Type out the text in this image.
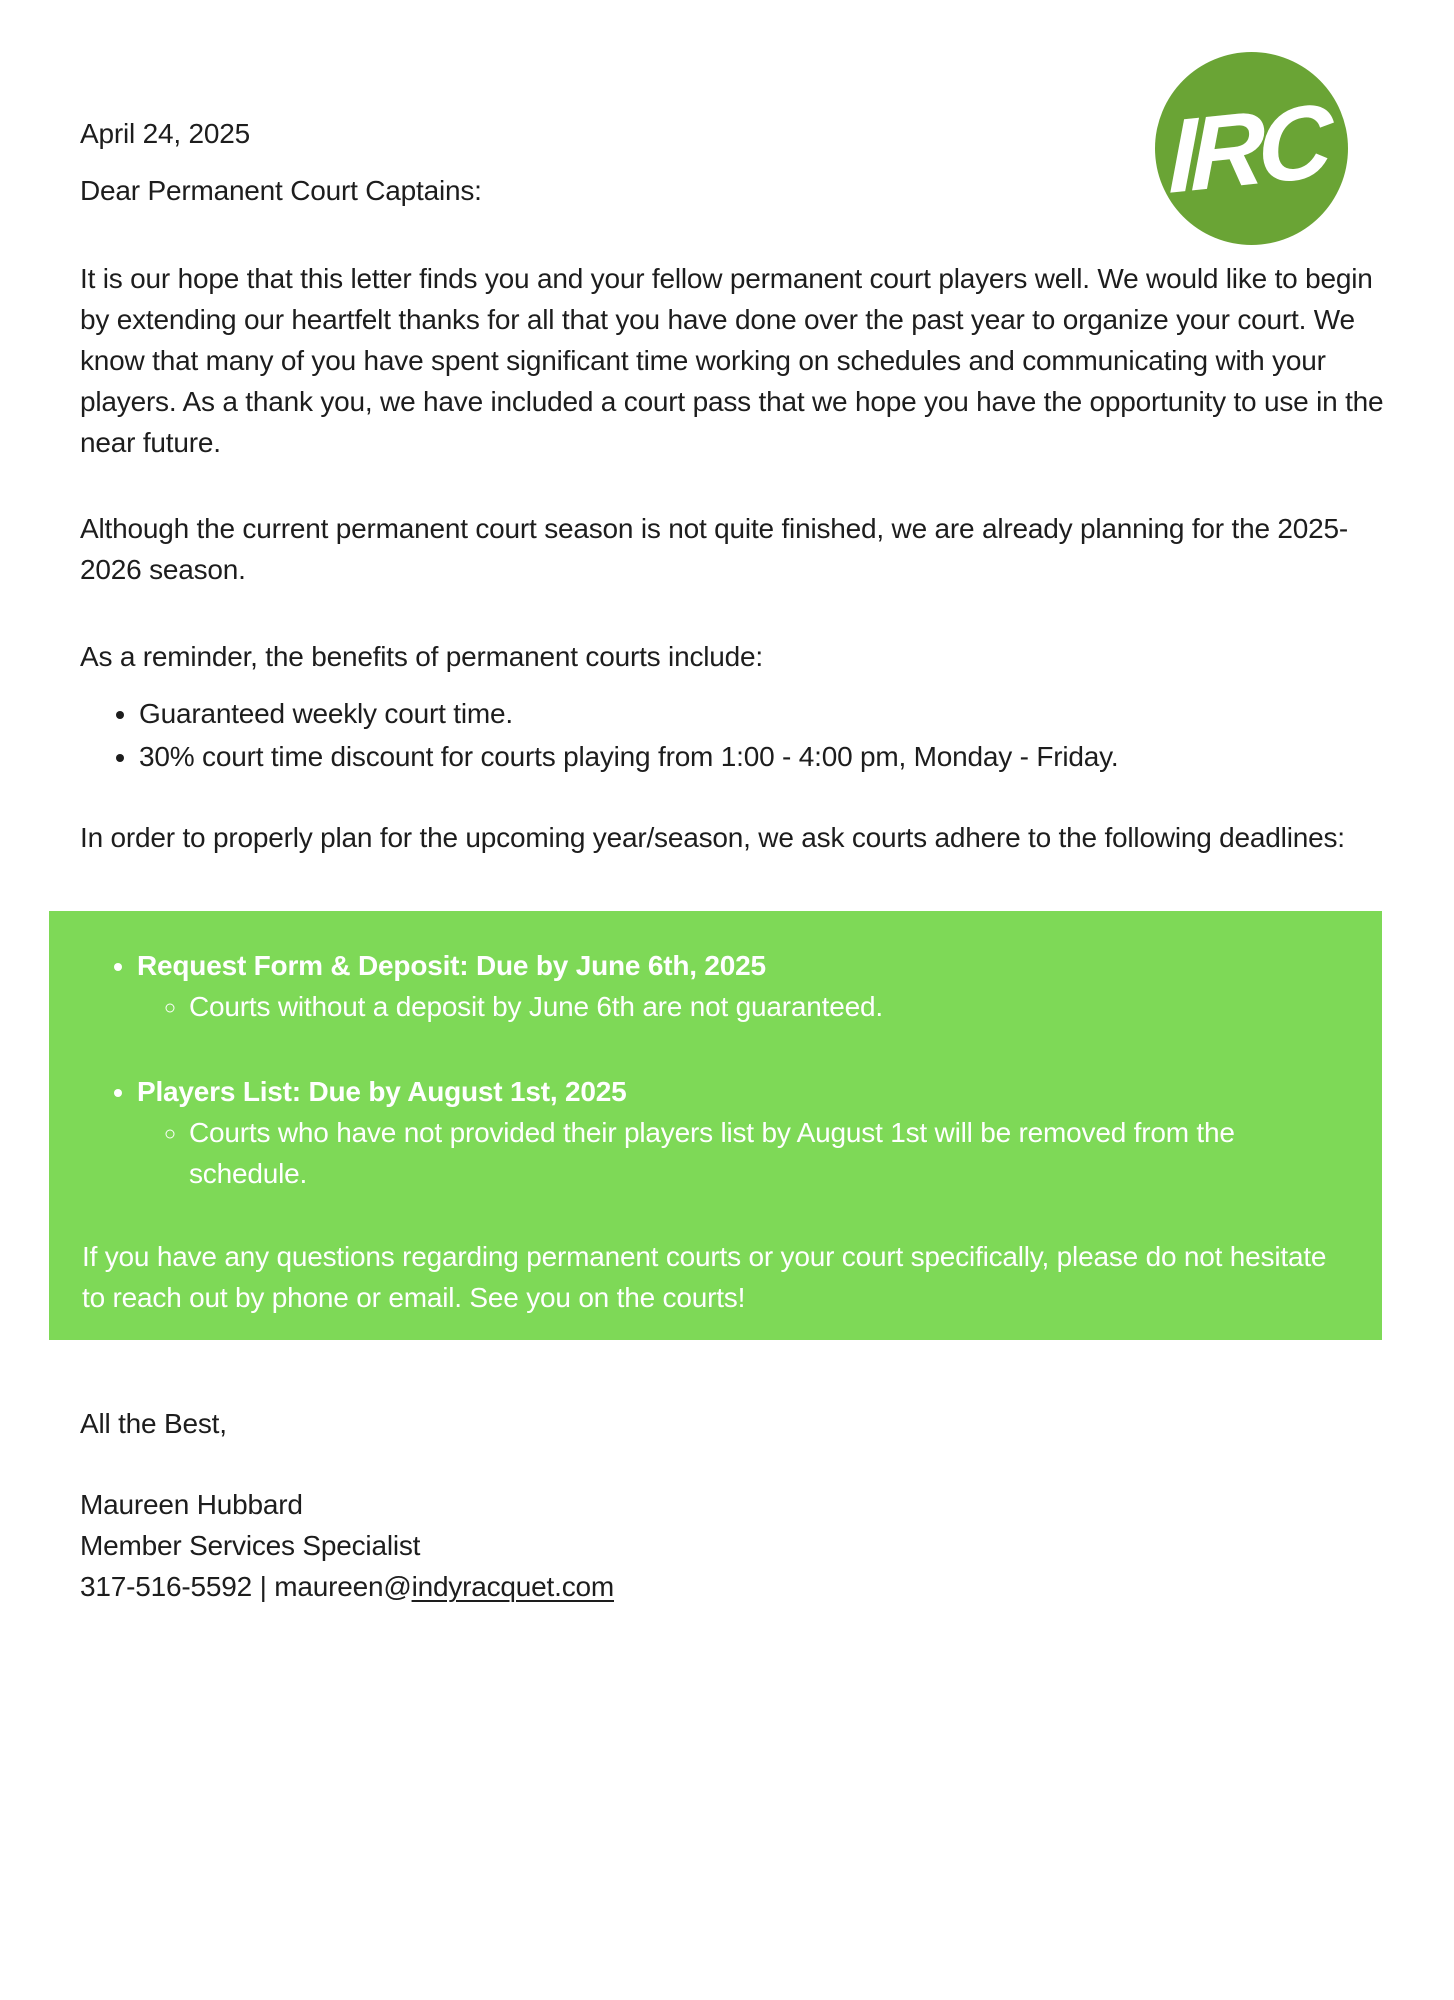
IRC

April 24, 2025

Dear Permanent Court Captains:

It is our hope that this letter finds you and your fellow permanent court players well. We would like to begin by extending our heartfelt thanks for all that you have done over the past year to organize your court. We know that many of you have spent significant time working on schedules and communicating with your players. As a thank you, we have included a court pass that we hope you have the opportunity to use in the near future.

Although the current permanent court season is not quite finished, we are already planning for the 2025-2026 season.

As a reminder, the benefits of permanent courts include:

• Guaranteed weekly court time.
• 30% court time discount for courts playing from 1:00 - 4:00 pm, Monday - Friday.

In order to properly plan for the upcoming year/season, we ask courts adhere to the following deadlines:

• Request Form & Deposit: Due by June 6th, 2025
◦ Courts without a deposit by June 6th are not guaranteed.
• Players List: Due by August 1st, 2025
◦ Courts who have not provided their players list by August 1st will be removed from the schedule.

If you have any questions regarding permanent courts or your court specifically, please do not hesitate to reach out by phone or email. See you on the courts!

All the Best,

Maureen Hubbard

Member Services Specialist

317-516-5592 | maureen@indyracquet.com
